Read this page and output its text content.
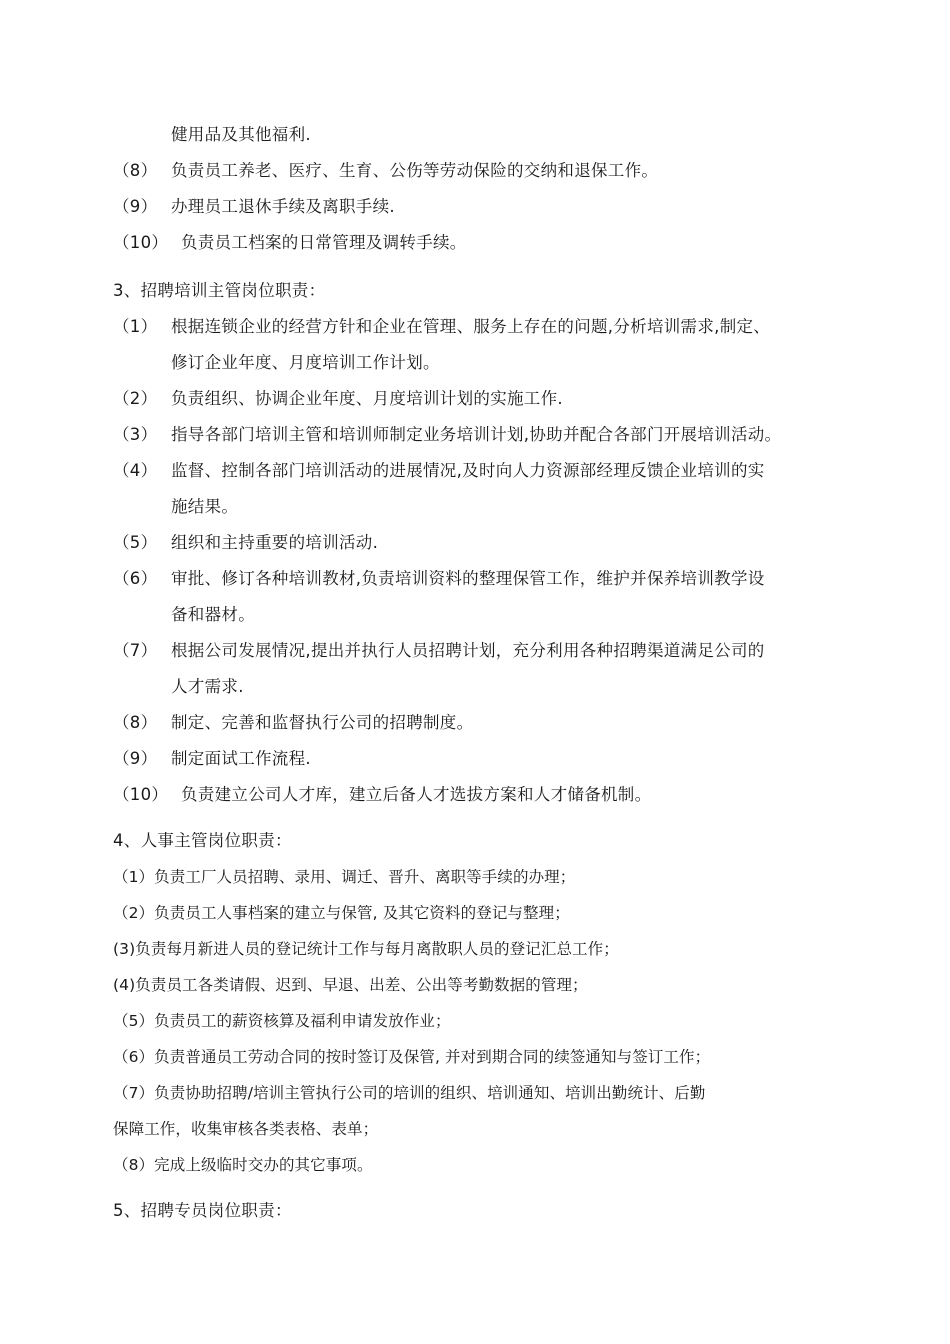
健用品及其他福利.
（8） 负责员工养老、医疗、生育、公伤等劳动保险的交纳和退保工作。
（9） 办理员工退休手续及离职手续.
（10） 负责员工档案的日常管理及调转手续。
3、招聘培训主管岗位职责：
（1） 根据连锁企业的经营方针和企业在管理、服务上存在的问题,分析培训需求,制定、
修订企业年度、月度培训工作计划。
（2） 负责组织、协调企业年度、月度培训计划的实施工作.
（3） 指导各部门培训主管和培训师制定业务培训计划,协助并配合各部门开展培训活动。
（4） 监督、控制各部门培训活动的进展情况,及时向人力资源部经理反馈企业培训的实
施结果。
（5） 组织和主持重要的培训活动.
（6） 审批、修订各种培训教材,负责培训资料的整理保管工作，维护并保养培训教学设
备和器材。
（7） 根据公司发展情况,提出并执行人员招聘计划，充分利用各种招聘渠道满足公司的
人才需求.
（8） 制定、完善和监督执行公司的招聘制度。
（9） 制定面试工作流程.
（10） 负责建立公司人才库，建立后备人才选拔方案和人才储备机制。
4、人事主管岗位职责：
（1）负责工厂人员招聘、录用、调迁、晋升、离职等手续的办理；
（2）负责员工人事档案的建立与保管, 及其它资料的登记与整理；
(3)负责每月新进人员的登记统计工作与每月离散职人员的登记汇总工作；
(4)负责员工各类请假、迟到、早退、出差、公出等考勤数据的管理；
（5）负责员工的薪资核算及福利申请发放作业；
（6）负责普通员工劳动合同的按时签订及保管, 并对到期合同的续签通知与签订工作；
（7）负责协助招聘/培训主管执行公司的培训的组织、培训通知、培训出勤统计、后勤
保障工作，收集审核各类表格、表单；
（8）完成上级临时交办的其它事项。
5、招聘专员岗位职责：
